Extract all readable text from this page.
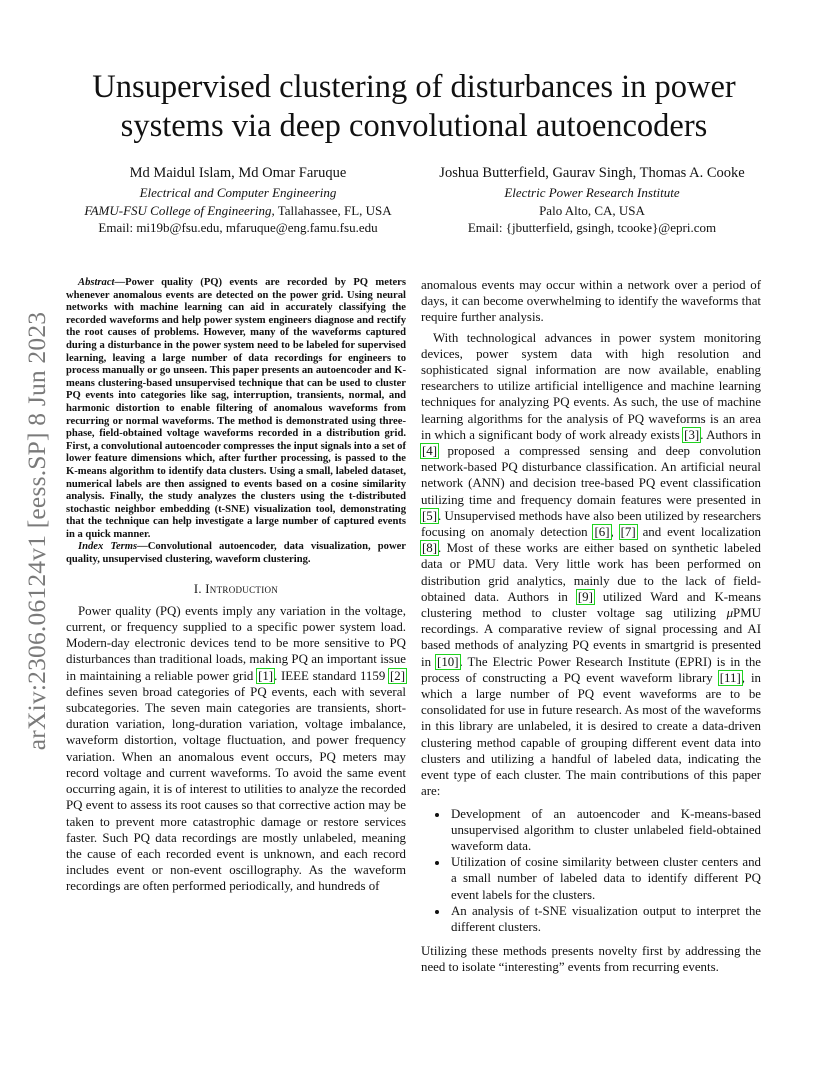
arXiv:2306.06124v1 [eess.SP] 8 Jun 2023
Unsupervised clustering of disturbances in power systems via deep convolutional autoencoders
Md Maidul Islam, Md Omar Faruque
Electrical and Computer Engineering
FAMU-FSU College of Engineering, Tallahassee, FL, USA
Email: mi19b@fsu.edu, mfaruque@eng.famu.fsu.edu
Joshua Butterfield, Gaurav Singh, Thomas A. Cooke
Electric Power Research Institute
Palo Alto, CA, USA
Email: {jbutterfield, gsingh, tcooke}@epri.com

Abstract—Power quality (PQ) events are recorded by PQ meters whenever anomalous events are detected on the power grid. Using neural networks with machine learning can aid in accurately classifying the recorded waveforms and help power system engineers diagnose and rectify the root causes of problems. However, many of the waveforms captured during a disturbance in the power system need to be labeled for supervised learning, leaving a large number of data recordings for engineers to process manually or go unseen. This paper presents an autoencoder and K-means clustering-based unsupervised technique that can be used to cluster PQ events into categories like sag, interruption, transients, normal, and harmonic distortion to enable filtering of anomalous waveforms from recurring or normal waveforms. The method is demonstrated using three-phase, field-obtained voltage waveforms recorded in a distribution grid. First, a convolutional autoencoder compresses the input signals into a set of lower feature dimensions which, after further processing, is passed to the K-means algorithm to identify data clusters. Using a small, labeled dataset, numerical labels are then assigned to events based on a cosine similarity analysis. Finally, the study analyzes the clusters using the t-distributed stochastic neighbor embedding (t-SNE) visualization tool, demonstrating that the technique can help investigate a large number of captured events in a quick manner.

Index Terms—Convolutional autoencoder, data visualization, power quality, unsupervised clustering, waveform clustering.

I. Introduction

Power quality (PQ) events imply any variation in the voltage, current, or frequency supplied to a specific power system load. Modern-day electronic devices tend to be more sensitive to PQ disturbances than traditional loads, making PQ an important issue in maintaining a reliable power grid [1]. IEEE standard 1159 [2] defines seven broad categories of PQ events, each with several subcategories. The seven main categories are transients, short-duration variation, long-duration variation, voltage imbalance, waveform distortion, voltage fluctuation, and power frequency variation. When an anomalous event occurs, PQ meters may record voltage and current waveforms. To avoid the same event occurring again, it is of interest to utilities to analyze the recorded PQ event to assess its root causes so that corrective action may be taken to prevent more catastrophic damage or restore services faster. Such PQ data recordings are mostly unlabeled, meaning the cause of each recorded event is unknown, and each record includes event or non-event oscillography. As the waveform recordings are often performed periodically, and hundreds of

anomalous events may occur within a network over a period of days, it can become overwhelming to identify the waveforms that require further analysis.

With technological advances in power system monitoring devices, power system data with high resolution and sophisticated signal information are now available, enabling researchers to utilize artificial intelligence and machine learning techniques for analyzing PQ events. As such, the use of machine learning algorithms for the analysis of PQ waveforms is an area in which a significant body of work already exists [3]. Authors in [4] proposed a compressed sensing and deep convolution network-based PQ disturbance classification. An artificial neural network (ANN) and decision tree-based PQ event classification utilizing time and frequency domain features were presented in [5]. Unsupervised methods have also been utilized by researchers focusing on anomaly detection [6], [7] and event localization [8]. Most of these works are either based on synthetic labeled data or PMU data. Very little work has been performed on distribution grid analytics, mainly due to the lack of field-obtained data. Authors in [9] utilized Ward and K-means clustering method to cluster voltage sag utilizing μPMU recordings. A comparative review of signal processing and AI based methods of analyzing PQ events in smartgrid is presented in [10]. The Electric Power Research Institute (EPRI) is in the process of constructing a PQ event waveform library [11], in which a large number of PQ event waveforms are to be consolidated for use in future research. As most of the waveforms in this library are unlabeled, it is desired to create a data-driven clustering method capable of grouping different event data into clusters and utilizing a handful of labeled data, indicating the event type of each cluster. The main contributions of this paper are:

• Development of an autoencoder and K-means-based unsupervised algorithm to cluster unlabeled field-obtained waveform data.
• Utilization of cosine similarity between cluster centers and a small number of labeled data to identify different PQ event labels for the clusters.
• An analysis of t-SNE visualization output to interpret the different clusters.

Utilizing these methods presents novelty first by addressing the need to isolate “interesting” events from recurring events.
